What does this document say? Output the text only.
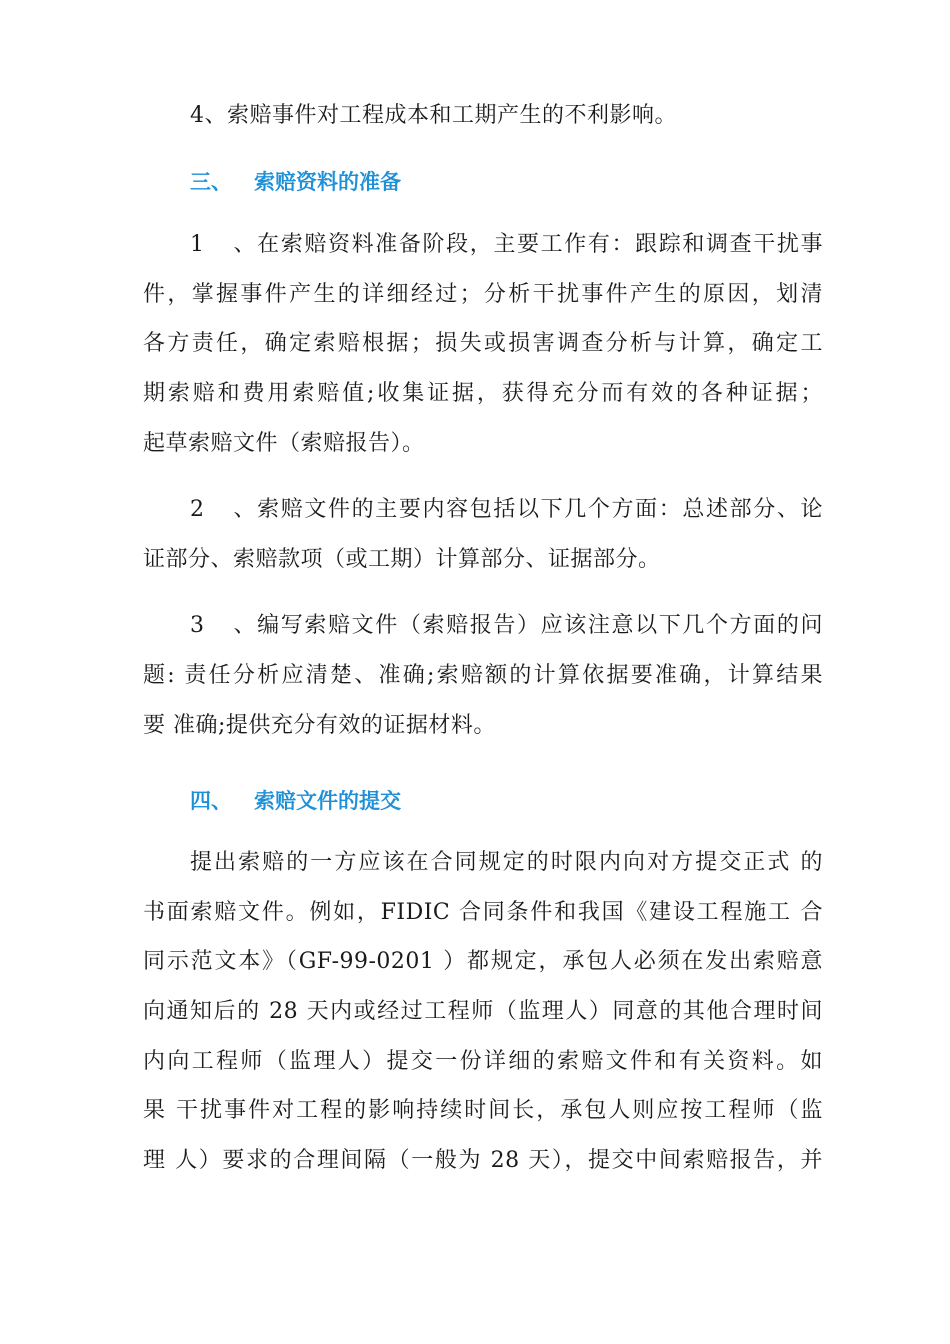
4、索赔事件对工程成本和工期产生的不利影响。
三、 索赔资料的准备
1、在索赔资料准备阶段，主要工作有：跟踪和调查干扰事
件，掌握事件产生的详细经过；分析干扰事件产生的原因，划清
各方责任，确定索赔根据；损失或损害调查分析与计算，确定工
期索赔和费用索赔值;收集证据，获得充分而有效的各种证据；
起草索赔文件（索赔报告）。
2、索赔文件的主要内容包括以下几个方面：总述部分、论
证部分、索赔款项（或工期）计算部分、证据部分。
3、编写索赔文件（索赔报告）应该注意以下几个方面的问
题: 责任分析应清楚、准确;索赔额的计算依据要准确，计算结果
要 准确;提供充分有效的证据材料。
四、 索赔文件的提交
提出索赔的一方应该在合同规定的时限内向对方提交正式 的
书面索赔文件。例如，FIDIC 合同条件和我国《建设工程施工 合
同示范文本》（GF-99-0201 ）都规定，承包人必须在发出索赔意
向通知后的 28 天内或经过工程师（监理人）同意的其他合理时间
内向工程师（监理人）提交一份详细的索赔文件和有关资料。如
果 干扰事件对工程的影响持续时间长，承包人则应按工程师（监
理 人）要求的合理间隔（一般为 28 天），提交中间索赔报告，并
